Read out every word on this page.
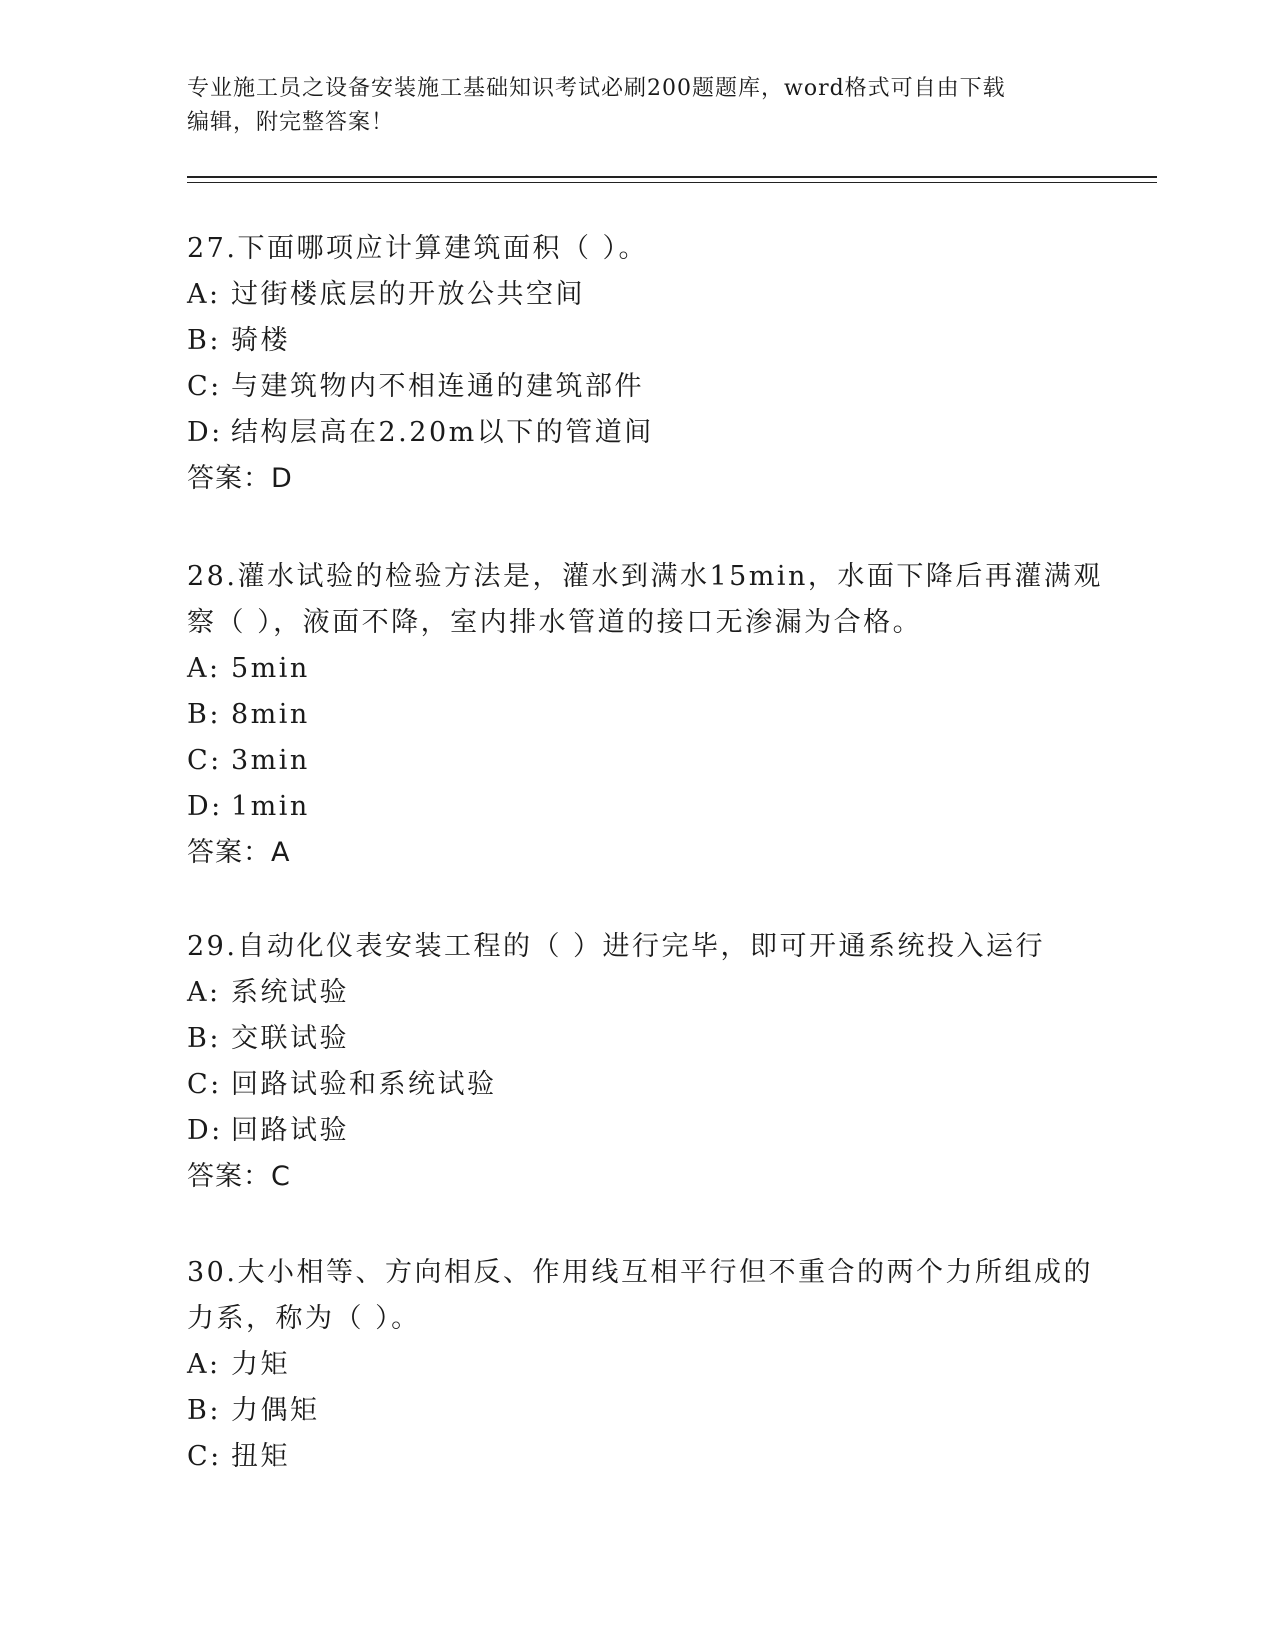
专业施工员之设备安装施工基础知识考试必刷200题题库，word格式可自由下载
编辑，附完整答案！
27.下面哪项应计算建筑面积（ ）。
A: 过街楼底层的开放公共空间
B: 骑楼
C: 与建筑物内不相连通的建筑部件
D: 结构层高在2.20m以下的管道间
答案：D
28.灌水试验的检验方法是，灌水到满水15min，水面下降后再灌满观
察（ ），液面不降，室内排水管道的接口无渗漏为合格。
A: 5min
B: 8min
C: 3min
D: 1min
答案：A
29.自动化仪表安装工程的（ ）进行完毕，即可开通系统投入运行
A: 系统试验
B: 交联试验
C: 回路试验和系统试验
D: 回路试验
答案：C
30.大小相等、方向相反、作用线互相平行但不重合的两个力所组成的
力系，称为（ ）。
A: 力矩
B: 力偶矩
C: 扭矩
